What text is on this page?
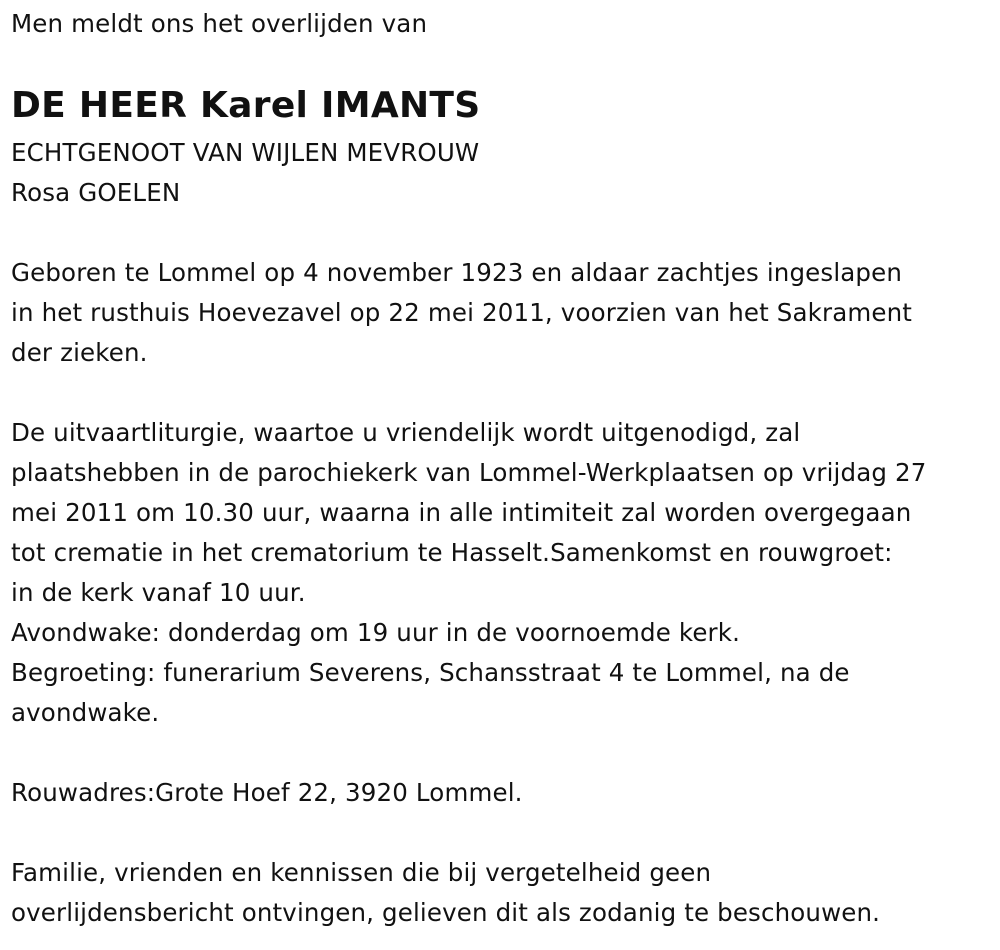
Men meldt ons het overlijden van
DE HEER Karel IMANTS
ECHTGENOOT VAN WIJLEN MEVROUW
Rosa GOELEN
Geboren te Lommel op 4 november 1923 en aldaar zachtjes ingeslapen
in het rusthuis Hoevezavel op 22 mei 2011, voorzien van het Sakrament
der zieken.
De uitvaartliturgie, waartoe u vriendelijk wordt uitgenodigd, zal
plaatshebben in de parochiekerk van Lommel-Werkplaatsen op vrijdag 27
mei 2011 om 10.30 uur, waarna in alle intimiteit zal worden overgegaan
tot crematie in het crematorium te Hasselt.Samenkomst en rouwgroet:
in de kerk vanaf 10 uur.
Avondwake: donderdag om 19 uur in de voornoemde kerk.
Begroeting: funerarium Severens, Schansstraat 4 te Lommel, na de
avondwake.
Rouwadres:Grote Hoef 22, 3920 Lommel.
Familie, vrienden en kennissen die bij vergetelheid geen
overlijdensbericht ontvingen, gelieven dit als zodanig te beschouwen.
